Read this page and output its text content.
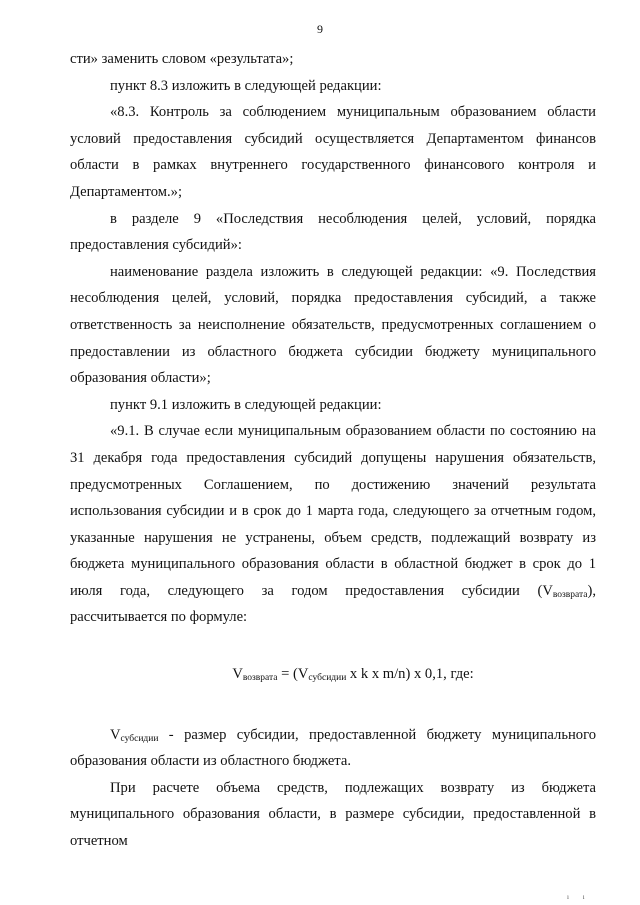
9

сти» заменить словом «результата»;

пункт 8.3 изложить в следующей редакции:

«8.3. Контроль за соблюдением муниципальным образованием области условий предоставления субсидий осуществляется Департаментом финансов области в рамках внутреннего государственного финансового контроля и Департаментом.»;

в разделе 9 «Последствия несоблюдения целей, условий, порядка предоставления субсидий»:

наименование раздела изложить в следующей редакции: «9. Последствия несоблюдения целей, условий, порядка предоставления субсидий, а также ответственность за неисполнение обязательств, предусмотренных соглашением о предоставлении из областного бюджета субсидии бюджету муниципального образования области»;

пункт 9.1 изложить в следующей редакции:

«9.1. В случае если муниципальным образованием области по состоянию на 31 декабря года предоставления субсидий допущены нарушения обязательств, предусмотренных Соглашением, по достижению значений результата использования субсидии и в срок до 1 марта года, следующего за отчетным годом, указанные нарушения не устранены, объем средств, подлежащий возврату из бюджета муниципального образования области в областной бюджет в срок до 1 июля года, следующего за годом предоставления субсидии $(V_{возврата})$, рассчитывается по формуле:

$V_{возврата} = (V_{субсидии}$ x k x m/n) x 0,1, где:

$V_{субсидии}$ - размер субсидии, предоставленной бюджету муниципального образования области из областного бюджета.

При расчете объема средств, подлежащих возврату из бюджета муниципального образования области, в размере субсидии, предоставленной в отчетном

ı ı
